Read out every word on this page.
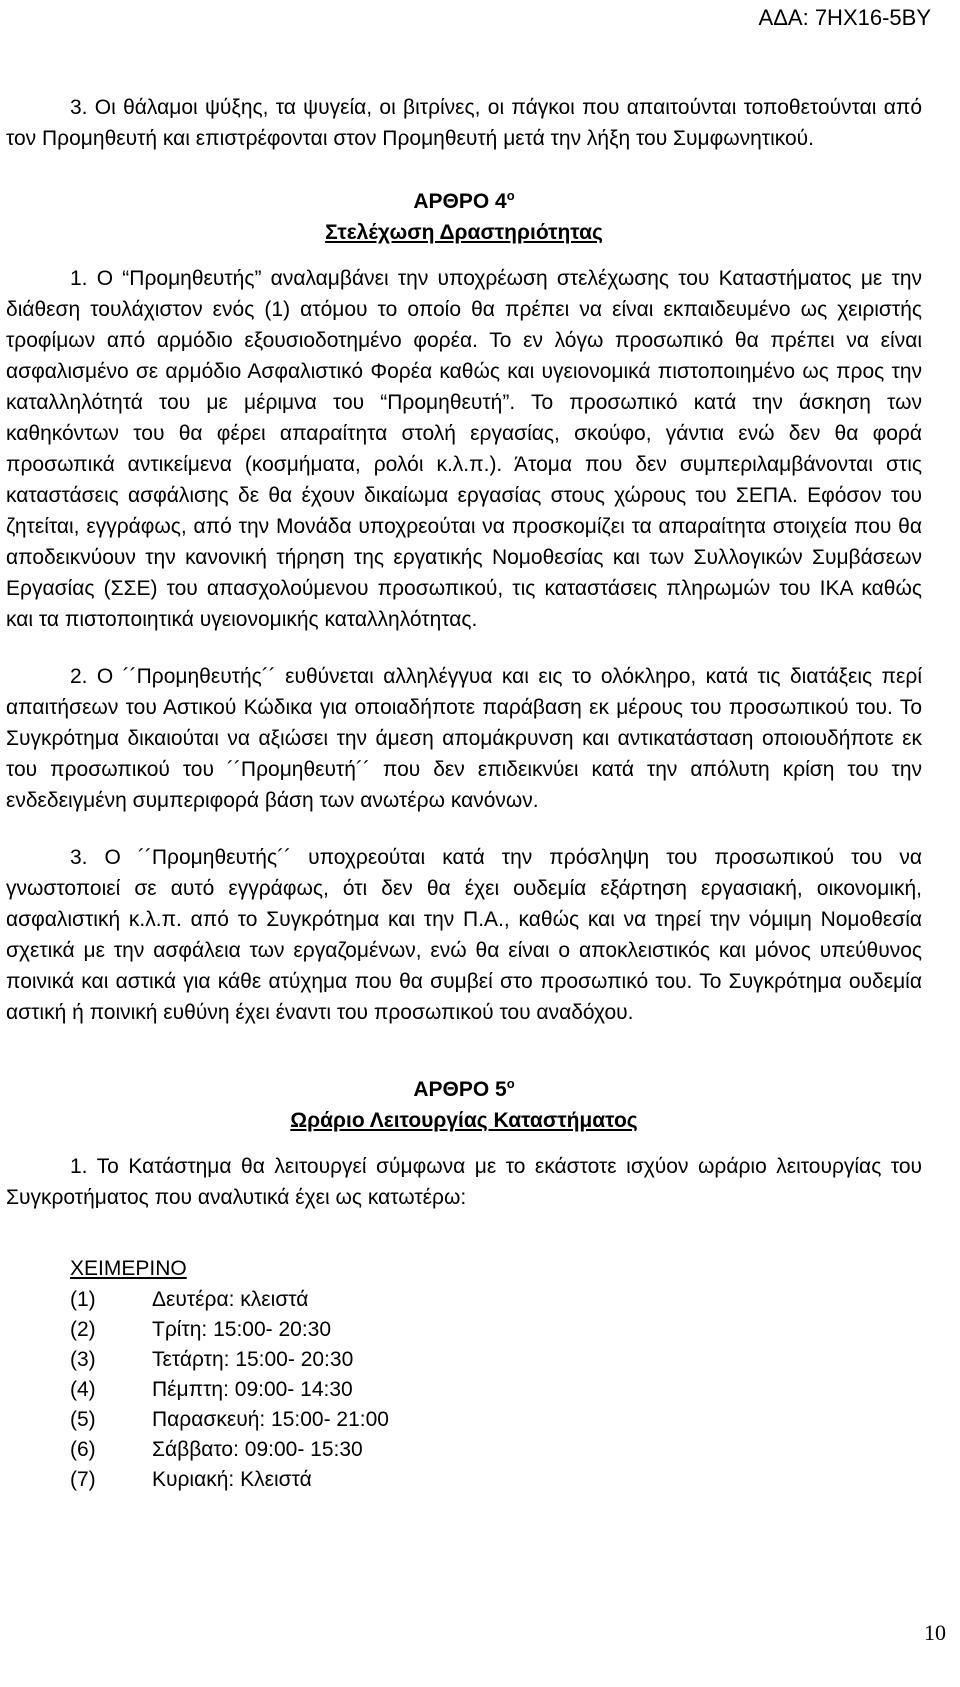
ΑΔΑ: 7ΗΧ16-5ΒΥ

3. Οι θάλαμοι ψύξης, τα ψυγεία, οι βιτρίνες, οι πάγκοι που απαιτούνται τοποθετούνται από τον Προμηθευτή και επιστρέφονται στον Προμηθευτή μετά την λήξη του Συμφωνητικού.

ΑΡΘΡΟ $4^o$

Στελέχωση Δραστηριότητας

1. Ο “Προμηθευτής” αναλαμβάνει την υποχρέωση στελέχωσης του Καταστήματος με την διάθεση τουλάχιστον ενός (1) ατόμου το οποίο θα πρέπει να είναι εκπαιδευμένο ως χειριστής τροφίμων από αρμόδιο εξουσιοδοτημένο φορέα. Το εν λόγω προσωπικό θα πρέπει να είναι ασφαλισμένο σε αρμόδιο Ασφαλιστικό Φορέα καθώς και υγειονομικά πιστοποιημένο ως προς την καταλληλότητά του με μέριμνα του “Προμηθευτή”. Το προσωπικό κατά την άσκηση των καθηκόντων του θα φέρει απαραίτητα στολή εργασίας, σκούφο, γάντια ενώ δεν θα φορά προσωπικά αντικείμενα (κοσμήματα, ρολόι κ.λ.π.). Άτομα που δεν συμπεριλαμβάνονται στις καταστάσεις ασφάλισης δε θα έχουν δικαίωμα εργασίας στους χώρους του ΣΕΠΑ. Εφόσον του ζητείται, εγγράφως, από την Μονάδα υποχρεούται να προσκομίζει τα απαραίτητα στοιχεία που θα αποδεικνύουν την κανονική τήρηση της εργατικής Νομοθεσίας και των Συλλογικών Συμβάσεων Εργασίας (ΣΣΕ) του απασχολούμενου προσωπικού, τις καταστάσεις πληρωμών του ΙΚΑ καθώς και τα πιστοποιητικά υγειονομικής καταλληλότητας.

2. Ο ´´Προμηθευτής´´ ευθύνεται αλληλέγγυα και εις το ολόκληρο, κατά τις διατάξεις περί απαιτήσεων του Αστικού Κώδικα για οποιαδήποτε παράβαση εκ μέρους του προσωπικού του. Το Συγκρότημα δικαιούται να αξιώσει την άμεση απομάκρυνση και αντικατάσταση οποιουδήποτε εκ του προσωπικού του ´´Προμηθευτή´´ που δεν επιδεικνύει κατά την απόλυτη κρίση του την ενδεδειγμένη συμπεριφορά βάση των ανωτέρω κανόνων.

3. Ο ´´Προμηθευτής´´ υποχρεούται κατά την πρόσληψη του προσωπικού του να γνωστοποιεί σε αυτό εγγράφως, ότι δεν θα έχει ουδεμία εξάρτηση εργασιακή, οικονομική, ασφαλιστική κ.λ.π. από το Συγκρότημα και την Π.Α., καθώς και να τηρεί την νόμιμη Νομοθεσία σχετικά με την ασφάλεια των εργαζομένων, ενώ θα είναι ο αποκλειστικός και μόνος υπεύθυνος ποινικά και αστικά για κάθε ατύχημα που θα συμβεί στο προσωπικό του. Το Συγκρότημα ουδεμία αστική ή ποινική ευθύνη έχει έναντι του προσωπικού του αναδόχου.

ΑΡΘΡΟ $5^o$

Ωράριο Λειτουργίας Καταστήματος

1. Το Κατάστημα θα λειτουργεί σύμφωνα με το εκάστοτε ισχύον ωράριο λειτουργίας του Συγκροτήματος που αναλυτικά έχει ως κατωτέρω:

ΧΕΙΜΕΡΙΝΟ

(1)	Δευτέρα: κλειστά
(2)	Τρίτη: 15:00- 20:30
(3)	Τετάρτη: 15:00- 20:30
(4)	Πέμπτη: 09:00- 14:30
(5)	Παρασκευή: 15:00- 21:00
(6)	Σάββατο: 09:00- 15:30
(7)	Κυριακή: Κλειστά
10
